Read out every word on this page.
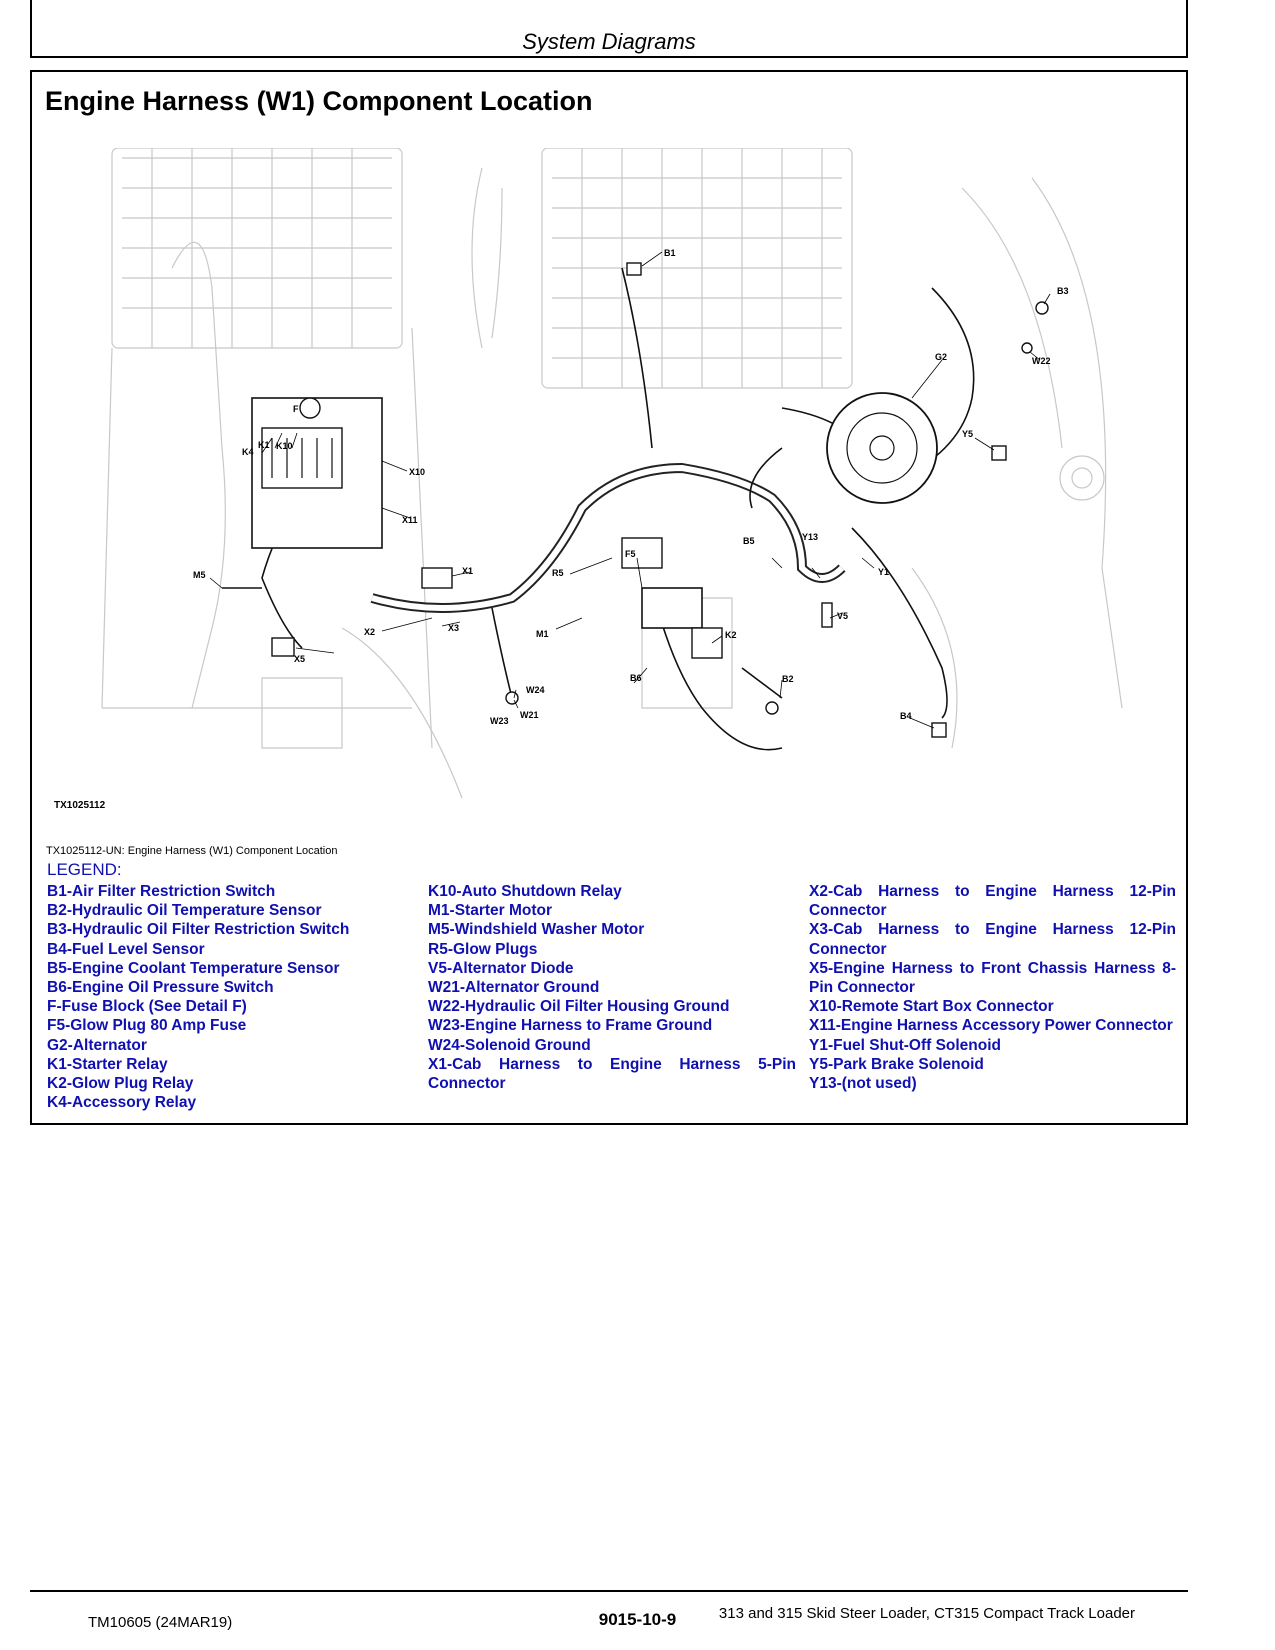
System Diagrams
Engine Harness (W1) Component Location
B1
B3
W22
G2
Y5
F
K4
K1 K10
X10
X11
X1
X2	X3
X5
M5	R5
F5
B5	Y13
Y1
V5
K2
M1
B6	B2
W24
W21
W23	B4
TX1025112
TX1025112-UN: Engine Harness (W1) Component Location
LEGEND:
B1-Air Filter Restriction Switch
B2-Hydraulic Oil Temperature Sensor
B3-Hydraulic Oil Filter Restriction Switch
B4-Fuel Level Sensor
B5-Engine Coolant Temperature Sensor
B6-Engine Oil Pressure Switch
F-Fuse Block (See Detail F)
F5-Glow Plug 80 Amp Fuse
G2-Alternator
K1-Starter Relay
K2-Glow Plug Relay
K4-Accessory Relay
K10-Auto Shutdown Relay
M1-Starter Motor
M5-Windshield Washer Motor
R5-Glow Plugs
V5-Alternator Diode
W21-Alternator Ground
W22-Hydraulic Oil Filter Housing Ground
W23-Engine Harness to Frame Ground
W24-Solenoid Ground
X1-Cab Harness to Engine Harness 5-Pin Connector
X2-Cab Harness to Engine Harness 12-Pin Connector
X3-Cab Harness to Engine Harness 12-Pin Connector
X5-Engine Harness to Front Chassis Harness 8-Pin Connector
X10-Remote Start Box Connector
X11-Engine Harness Accessory Power Connector
Y1-Fuel Shut-Off Solenoid
Y5-Park Brake Solenoid
Y13-(not used)
TM10605 (24MAR19)	9015-10-9	313 and 315 Skid Steer Loader, CT315 Compact Track Loader
